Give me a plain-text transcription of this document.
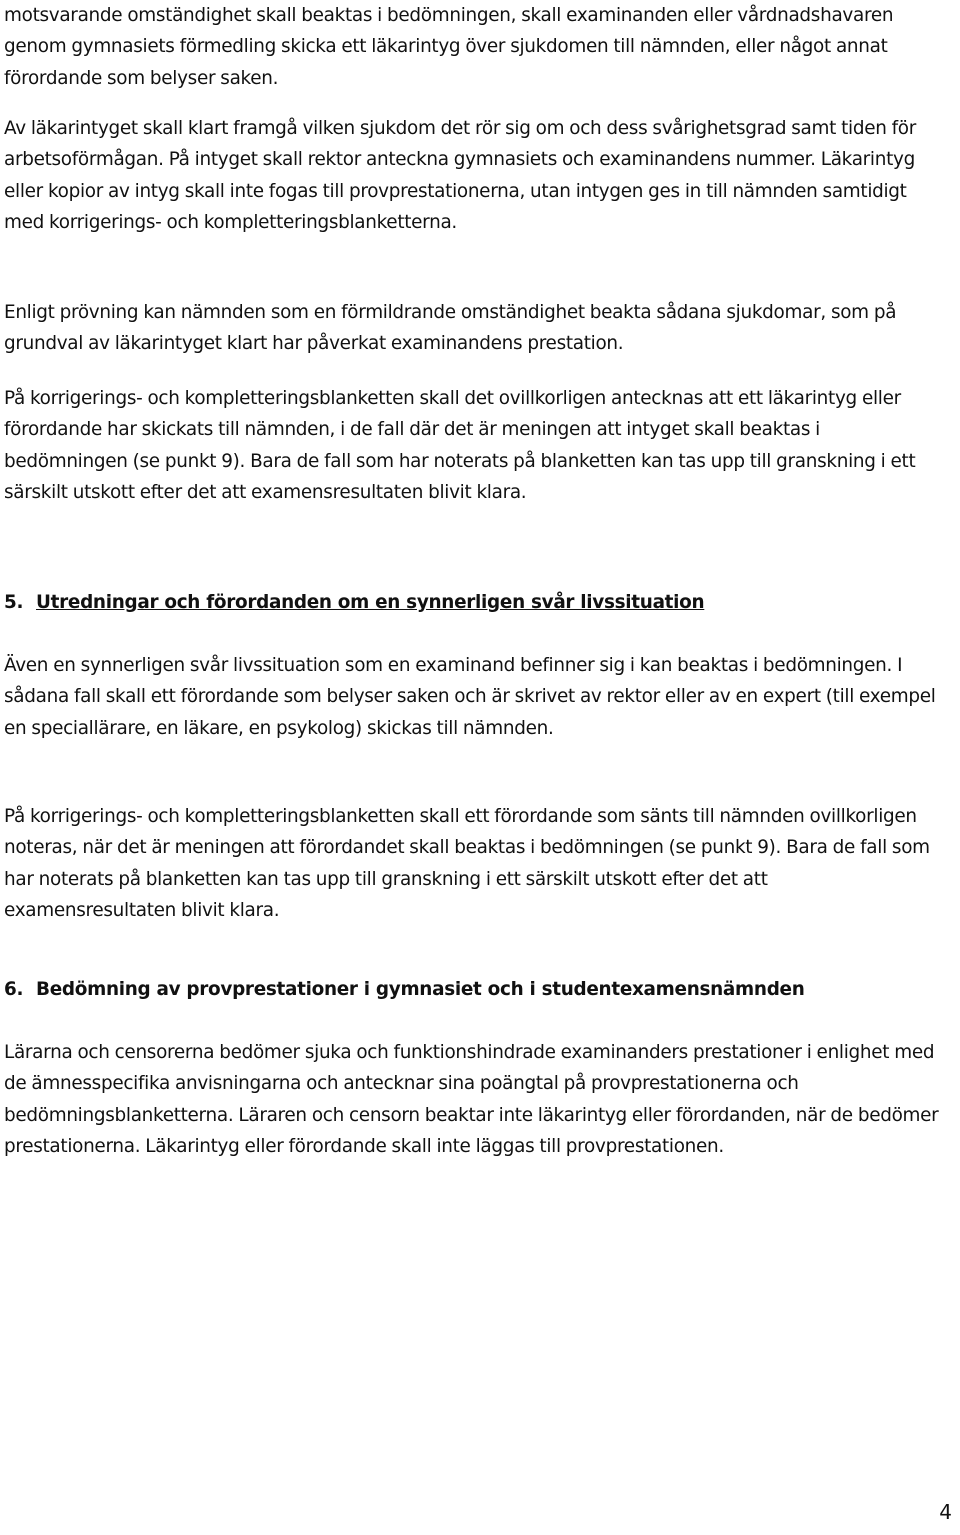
motsvarande omständighet skall beaktas i bedömningen, skall examinanden eller vårdnadshavaren genom gymnasiets förmedling skicka ett läkarintyg över sjukdomen till nämnden, eller något annat förordande som belyser saken.

Av läkarintyget skall klart framgå vilken sjukdom det rör sig om och dess svårighetsgrad samt tiden för arbetsoförmågan. På intyget skall rektor anteckna gymnasiets och examinandens nummer. Läkarintyg eller kopior av intyg skall inte fogas till provprestationerna, utan intygen ges in till nämnden samtidigt med korrigerings- och kompletteringsblanketterna.

Enligt prövning kan nämnden som en förmildrande omständighet beakta sådana sjukdomar, som på grundval av läkarintyget klart har påverkat examinandens prestation.

På korrigerings- och kompletteringsblanketten skall det ovillkorligen antecknas att ett läkarintyg eller förordande har skickats till nämnden, i de fall där det är meningen att intyget skall beaktas i bedömningen (se punkt 9). Bara de fall som har noterats på blanketten kan tas upp till granskning i ett särskilt utskott efter det att examensresultaten blivit klara.

5. Utredningar och förordanden om en synnerligen svår livssituation

Även en synnerligen svår livssituation som en examinand befinner sig i kan beaktas i bedömningen. I sådana fall skall ett förordande som belyser saken och är skrivet av rektor eller av en expert (till exempel en speciallärare, en läkare, en psykolog) skickas till nämnden.

På korrigerings- och kompletteringsblanketten skall ett förordande som sänts till nämnden ovillkorligen noteras, när det är meningen att förordandet skall beaktas i bedömningen (se punkt 9). Bara de fall som har noterats på blanketten kan tas upp till granskning i ett särskilt utskott efter det att examensresultaten blivit klara.

6. Bedömning av provprestationer i gymnasiet och i studentexamensnämnden

Lärarna och censorerna bedömer sjuka och funktionshindrade examinanders prestationer i enlighet med de ämnesspecifika anvisningarna och antecknar sina poängtal på provprestationerna och bedömningsblanketterna. Läraren och censorn beaktar inte läkarintyg eller förordanden, när de bedömer prestationerna. Läkarintyg eller förordande skall inte läggas till provprestationen.

4
